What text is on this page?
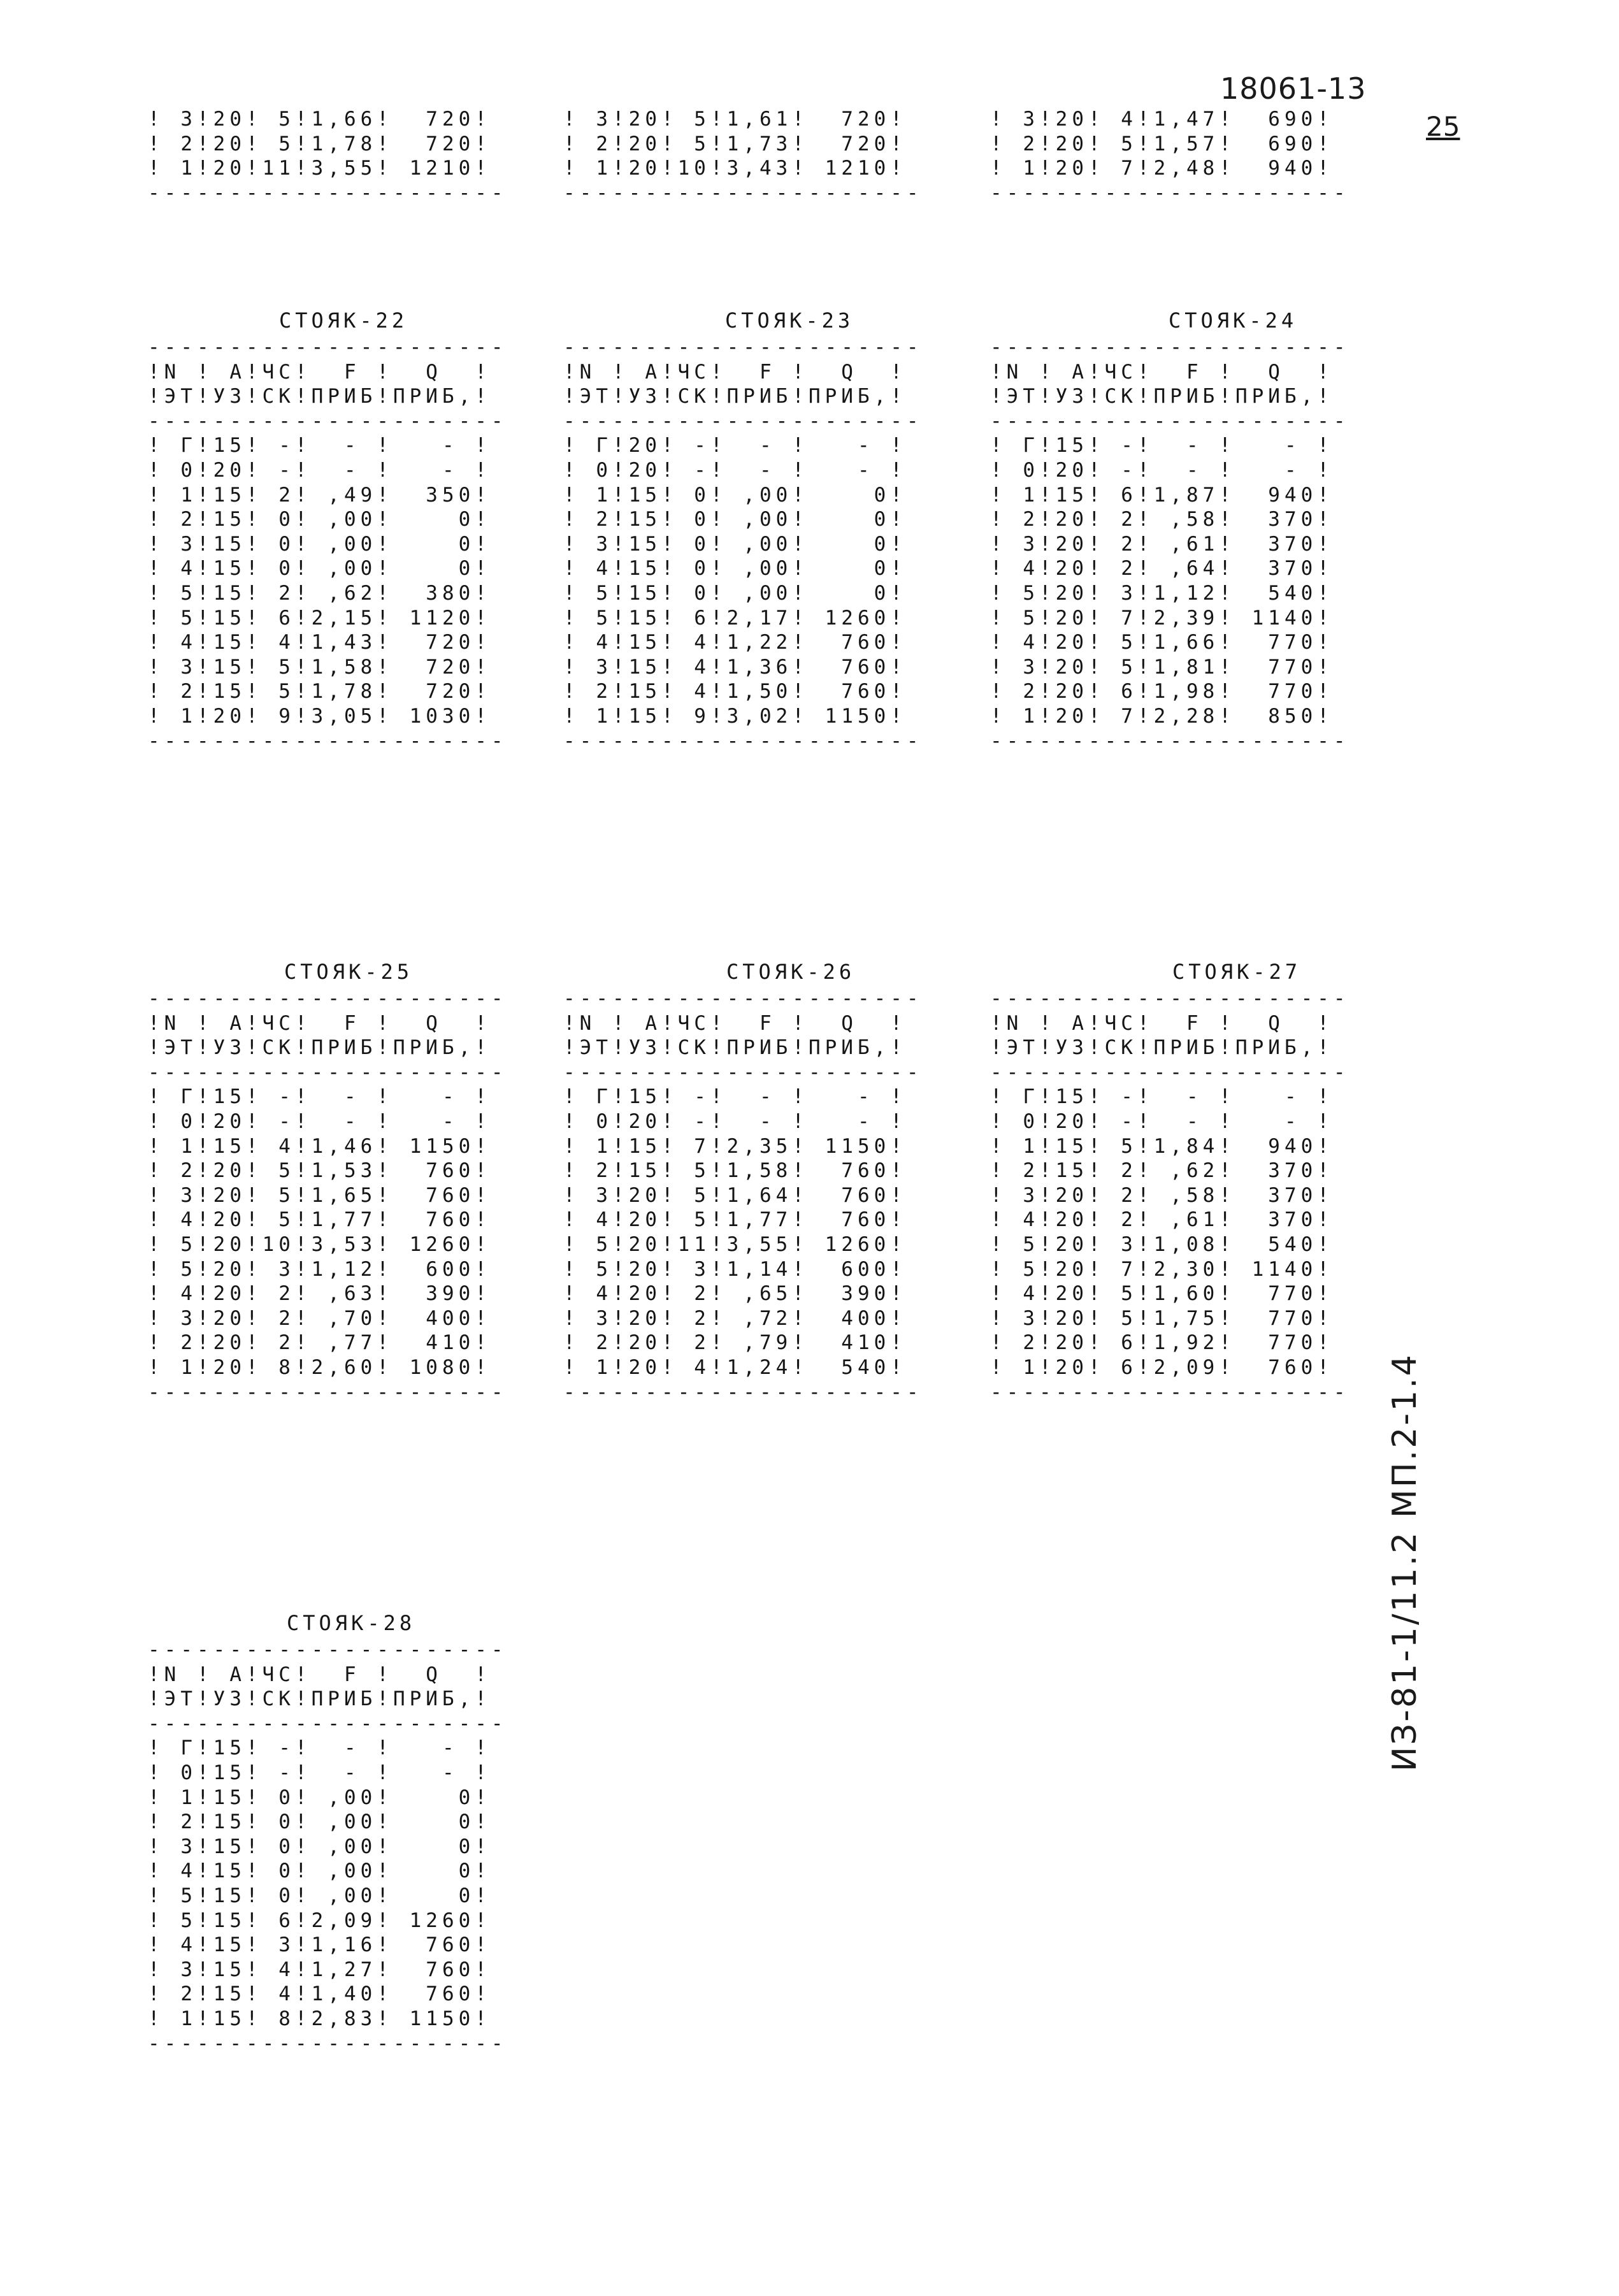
18061-13
25
! 3!20! 5!1,66!  720!
! 2!20! 5!1,78!  720!
! 1!20!11!3,55! 1210!
----------------------
! 3!20! 5!1,61!  720!
! 2!20! 5!1,73!  720!
! 1!20!10!3,43! 1210!
----------------------
! 3!20! 4!1,47!  690!
! 2!20! 5!1,57!  690!
! 1!20! 7!2,48!  940!
----------------------
СТОЯК-22	СТОЯК-23	СТОЯК-24
----------------------
!N ! А!ЧС!  F !  Q  !
!ЭТ!УЗ!СК!ПРИБ!ПРИБ,!
----------------------
! Г!15! -!  - !   - !
! 0!20! -!  - !   - !
! 1!15! 2! ,49!  350!
! 2!15! 0! ,00!    0!
! 3!15! 0! ,00!    0!
! 4!15! 0! ,00!    0!
! 5!15! 2! ,62!  380!
! 5!15! 6!2,15! 1120!
! 4!15! 4!1,43!  720!
! 3!15! 5!1,58!  720!
! 2!15! 5!1,78!  720!
! 1!20! 9!3,05! 1030!
----------------------
----------------------
!N ! А!ЧС!  F !  Q  !
!ЭТ!УЗ!СК!ПРИБ!ПРИБ,!
----------------------
! Г!20! -!  - !   - !
! 0!20! -!  - !   - !
! 1!15! 0! ,00!    0!
! 2!15! 0! ,00!    0!
! 3!15! 0! ,00!    0!
! 4!15! 0! ,00!    0!
! 5!15! 0! ,00!    0!
! 5!15! 6!2,17! 1260!
! 4!15! 4!1,22!  760!
! 3!15! 4!1,36!  760!
! 2!15! 4!1,50!  760!
! 1!15! 9!3,02! 1150!
----------------------
----------------------
!N ! А!ЧС!  F !  Q  !
!ЭТ!УЗ!СК!ПРИБ!ПРИБ,!
----------------------
! Г!15! -!  - !   - !
! 0!20! -!  - !   - !
! 1!15! 6!1,87!  940!
! 2!20! 2! ,58!  370!
! 3!20! 2! ,61!  370!
! 4!20! 2! ,64!  370!
! 5!20! 3!1,12!  540!
! 5!20! 7!2,39! 1140!
! 4!20! 5!1,66!  770!
! 3!20! 5!1,81!  770!
! 2!20! 6!1,98!  770!
! 1!20! 7!2,28!  850!
----------------------
СТОЯК-25	СТОЯК-26	СТОЯК-27
----------------------
!N ! А!ЧС!  F !  Q  !
!ЭТ!УЗ!СК!ПРИБ!ПРИБ,!
----------------------
! Г!15! -!  - !   - !
! 0!20! -!  - !   - !
! 1!15! 4!1,46! 1150!
! 2!20! 5!1,53!  760!
! 3!20! 5!1,65!  760!
! 4!20! 5!1,77!  760!
! 5!20!10!3,53! 1260!
! 5!20! 3!1,12!  600!
! 4!20! 2! ,63!  390!
! 3!20! 2! ,70!  400!
! 2!20! 2! ,77!  410!
! 1!20! 8!2,60! 1080!
----------------------
----------------------
!N ! А!ЧС!  F !  Q  !
!ЭТ!УЗ!СК!ПРИБ!ПРИБ,!
----------------------
! Г!15! -!  - !   - !
! 0!20! -!  - !   - !
! 1!15! 7!2,35! 1150!
! 2!15! 5!1,58!  760!
! 3!20! 5!1,64!  760!
! 4!20! 5!1,77!  760!
! 5!20!11!3,55! 1260!
! 5!20! 3!1,14!  600!
! 4!20! 2! ,65!  390!
! 3!20! 2! ,72!  400!
! 2!20! 2! ,79!  410!
! 1!20! 4!1,24!  540!
----------------------
----------------------
!N ! А!ЧС!  F !  Q  !
!ЭТ!УЗ!СК!ПРИБ!ПРИБ,!
----------------------
! Г!15! -!  - !   - !
! 0!20! -!  - !   - !
! 1!15! 5!1,84!  940!
! 2!15! 2! ,62!  370!
! 3!20! 2! ,58!  370!
! 4!20! 2! ,61!  370!
! 5!20! 3!1,08!  540!
! 5!20! 7!2,30! 1140!
! 4!20! 5!1,60!  770!
! 3!20! 5!1,75!  770!
! 2!20! 6!1,92!  770!
! 1!20! 6!2,09!  760!
----------------------
СТОЯК-28
----------------------
!N ! А!ЧС!  F !  Q  !
!ЭТ!УЗ!СК!ПРИБ!ПРИБ,!
----------------------
! Г!15! -!  - !   - !
! 0!15! -!  - !   - !
! 1!15! 0! ,00!    0!
! 2!15! 0! ,00!    0!
! 3!15! 0! ,00!    0!
! 4!15! 0! ,00!    0!
! 5!15! 0! ,00!    0!
! 5!15! 6!2,09! 1260!
! 4!15! 3!1,16!  760!
! 3!15! 4!1,27!  760!
! 2!15! 4!1,40!  760!
! 1!15! 8!2,83! 1150!
----------------------
ИЗ-81-1/11.2 МП.2-1.4
